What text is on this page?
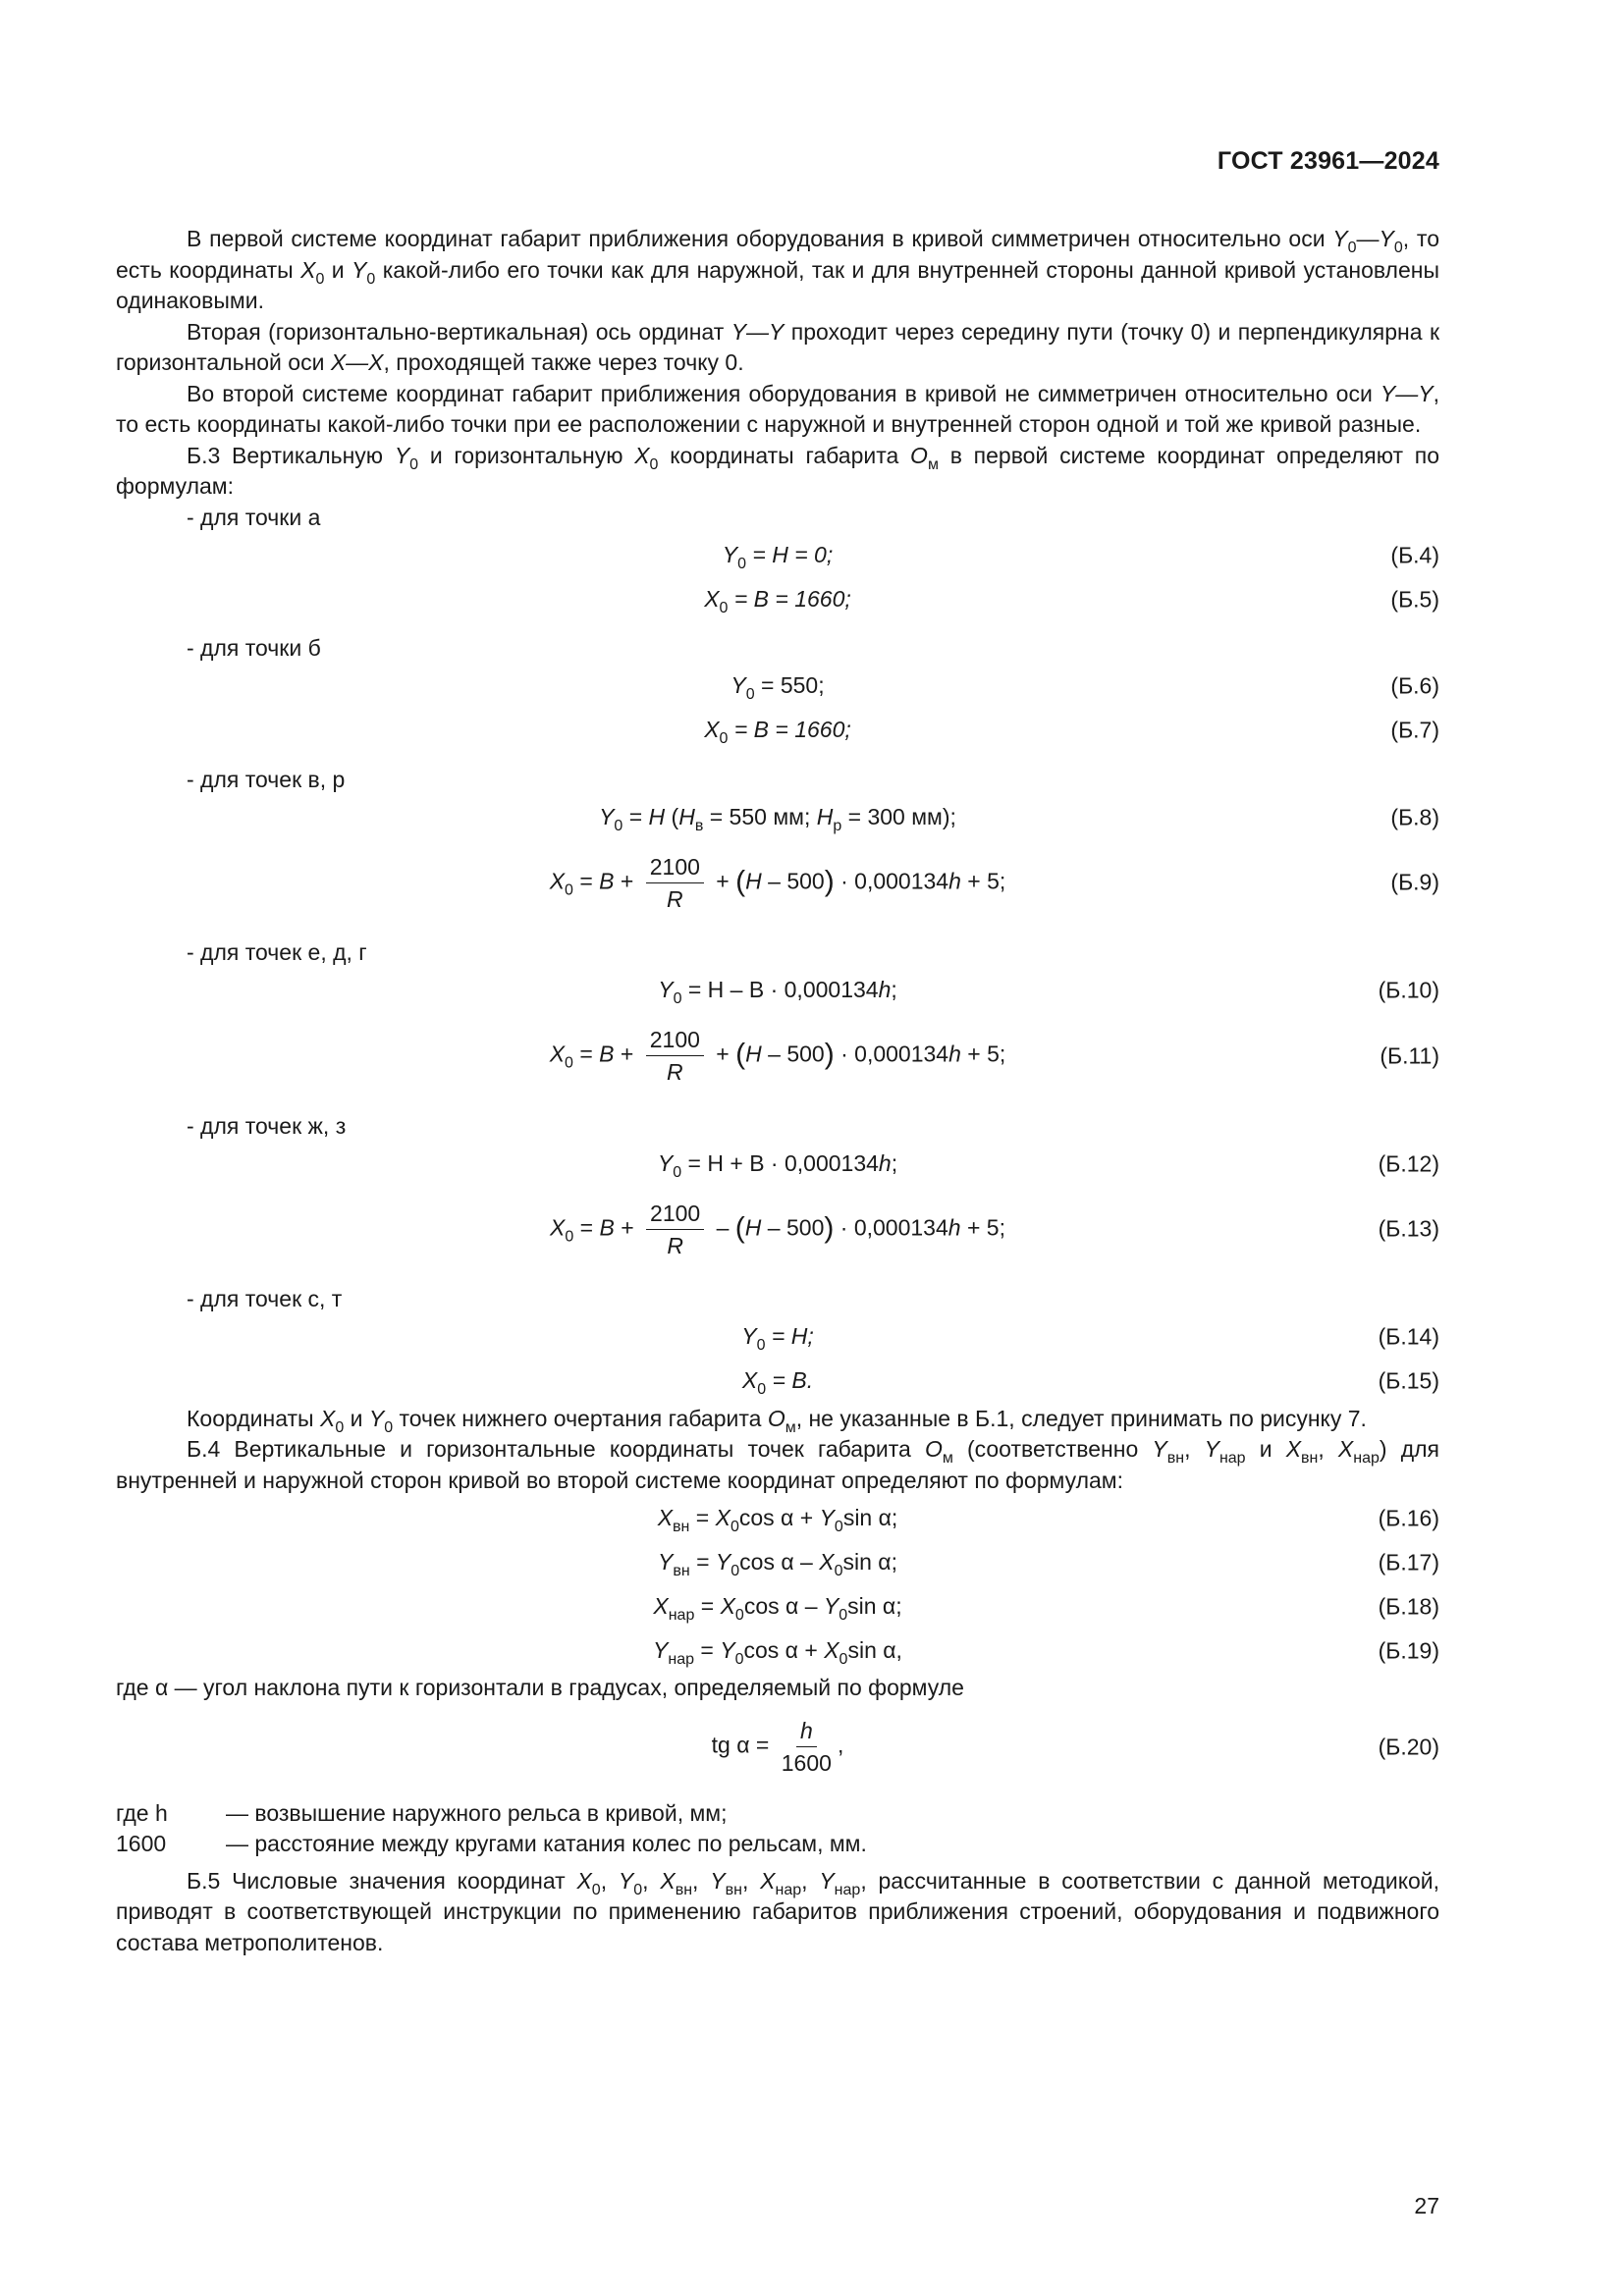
ГОСТ 23961—2024

В первой системе координат габарит приближения оборудования в кривой симметричен относительно оси $Y_0—Y_0$, то есть координаты $X_0$ и $Y_0$ какой-либо его точки как для наружной, так и для внутренней стороны данной кривой установлены одинаковыми.

Вторая (горизонтально-вертикальная) ось ординат Y—Y проходит через середину пути (точку 0) и перпендикулярна к горизонтальной оси X—X, проходящей также через точку 0.

Во второй системе координат габарит приближения оборудования в кривой не симметричен относительно оси Y—Y, то есть координаты какой-либо точки при ее расположении с наружной и внутренней сторон одной и той же кривой разные.

Б.3 Вертикальную $Y_0$ и горизонтальную $X_0$ координаты габарита $O_м$ в первой системе координат определяют по формулам:

- для точки а

$Y_0 = H = 0$;	(Б.4)
$X_0 = B = 1660$;	(Б.5)

- для точки б

$Y_0 = 550$;	(Б.6)
$X_0 = B = 1660$;	(Б.7)

- для точек в, р

$Y_0 = H$ ($H_в = 550$ мм; $H_р = 300$ мм);	(Б.8)
$X_0 = B + \frac{2100}{R} + (H - 500) \cdot 0,000134h + 5$;	(Б.9)

- для точек е, д, г

$Y_0 = H - B \cdot 0,000134h$;	(Б.10)
$X_0 = B + \frac{2100}{R} + (H - 500) \cdot 0,000134h + 5$;	(Б.11)

- для точек ж, з

$Y_0 = H + B \cdot 0,000134h$;	(Б.12)
$X_0 = B + \frac{2100}{R} - (H - 500) \cdot 0,000134h + 5$;	(Б.13)

- для точек с, т

$Y_0 = H$;	(Б.14)
$X_0 = B$.	(Б.15)

Координаты $X_0$ и $Y_0$ точек нижнего очертания габарита $O_м$, не указанные в Б.1, следует принимать по рисунку 7.

Б.4 Вертикальные и горизонтальные координаты точек габарита $O_м$ (соответственно $Y_{вн}$, $Y_{нар}$ и $X_{вн}$, $X_{нар}$) для внутренней и наружной сторон кривой во второй системе координат определяют по формулам:

$X_{вн} = X_0\cos$ $\alpha + Y_0\sin$ α;	(Б.16)
$Y_{вн} = Y_0\cos$ α – $X_0\sin$ α;	(Б.17)
$X_{нар} = X_0\cos$ α – $Y_0\sin$ α;	(Б.18)
$Y_{нар} = Y_0\cos$ $\alpha + X_0\sin$ α,	(Б.19)

где α — угол наклона пути к горизонтали в градусах, определяемый по формуле

tg $\alpha = \frac{h}{1600}$ ,	(Б.20)
где h	— возвышение наружного рельса в кривой, мм;
1600	— расстояние между кругами катания колес по рельсам, мм.

Б.5 Числовые значения координат $X_0$, $Y_0$, $X_{вн}$, $Y_{вн}$, $X_{нар}$, $Y_{нар}$, рассчитанные в соответствии с данной методикой, приводят в соответствующей инструкции по применению габаритов приближения строений, оборудования и подвижного состава метрополитенов.

27
